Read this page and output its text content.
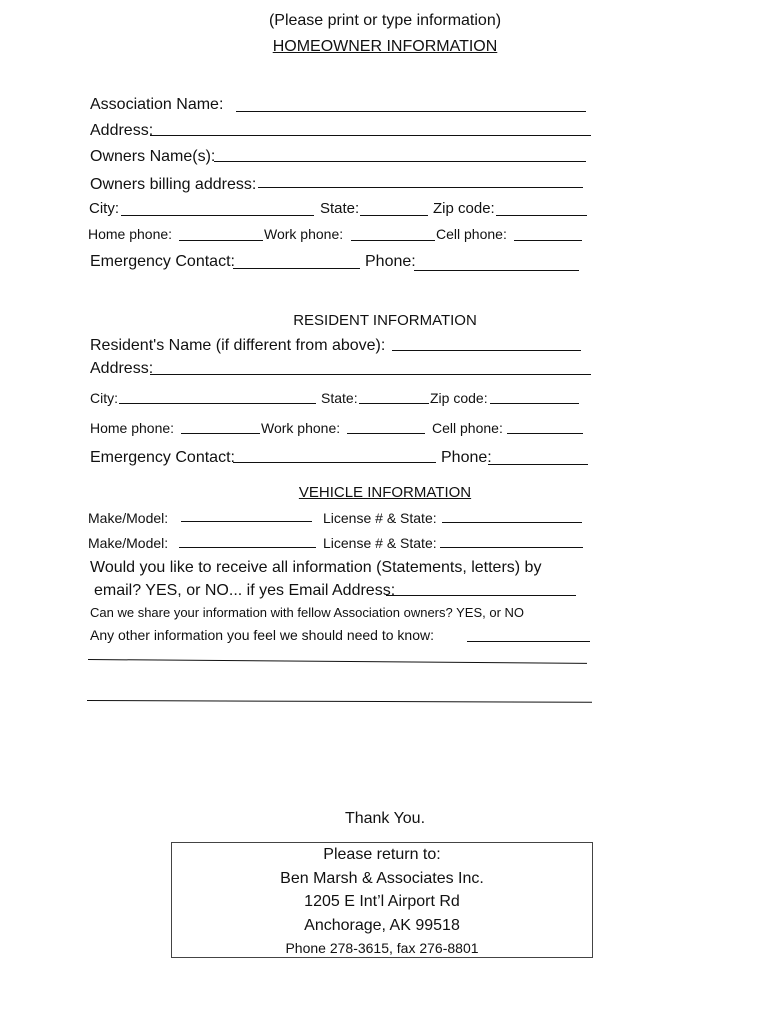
(Please print or type information)
HOMEOWNER INFORMATION
Association Name:
Address:
Owners Name(s):
Owners billing address:
City:	State:	Zip code:
Home phone:	Work phone:	Cell phone:
Emergency Contact:	Phone:
RESIDENT INFORMATION
Resident's Name (if different from above):
Address:
City:	State:	Zip code:
Home phone:	Work phone:	Cell phone:
Emergency Contact:	Phone:
VEHICLE INFORMATION
Make/Model:	License # & State:
Make/Model:	License # & State:
Would you like to receive all information (Statements, letters) by
email? YES, or NO... if yes Email Address:
Can we share your information with fellow Association owners? YES, or NO
Any other information you feel we should need to know:
Thank You.
Please return to:
Ben Marsh & Associates Inc.
1205 E Int’l Airport Rd
Anchorage, AK 99518
Phone 278-3615, fax 276-8801
